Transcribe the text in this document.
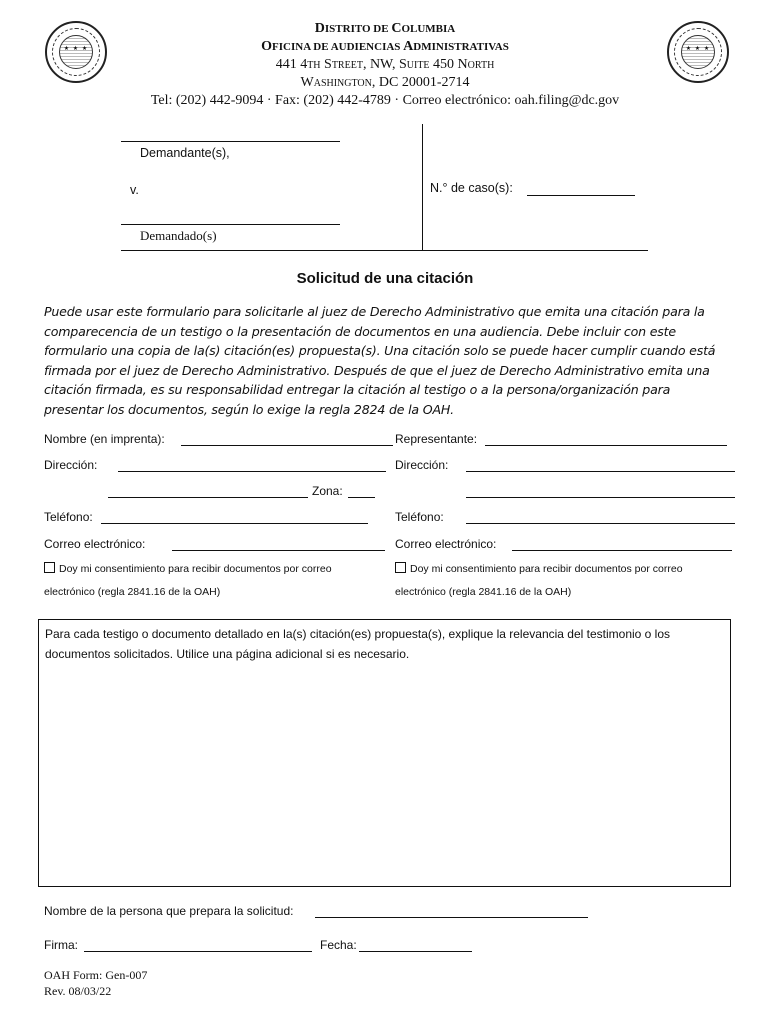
★ ★ ★	★ ★ ★
DISTRITO DE COLUMBIA
OFICINA DE AUDIENCIAS ADMINISTRATIVAS
441 4TH STREET, NW, SUITE 450 NORTH
WASHINGTON, DC 20001-2714
Tel: (202) 442-9094 · Fax: (202) 442-4789 · Correo electrónico: oah.filing@dc.gov
Demandante(s),
v.
Demandado(s)
N.° de caso(s):
Solicitud de una citación
Puede usar este formulario para solicitarle al juez de Derecho Administrativo que emita una citación para la comparecencia de un testigo o la presentación de documentos en una audiencia. Debe incluir con este formulario una copia de la(s) citación(es) propuesta(s). Una citación solo se puede hacer cumplir cuando está firmada por el juez de Derecho Administrativo. Después de que el juez de Derecho Administrativo emita una citación firmada, es su responsabilidad entregar la citación al testigo o a la persona/organización para presentar los documentos, según lo exige la regla 2824 de la OAH.
Nombre (en imprenta):
Dirección:
Zona:
Teléfono:
Correo electrónico:
Doy mi consentimiento para recibir documentos por correo
electrónico (regla 2841.16 de la OAH)
Representante:
Dirección:
Teléfono:
Correo electrónico:
Doy mi consentimiento para recibir documentos por correo
electrónico (regla 2841.16 de la OAH)
Para cada testigo o documento detallado en la(s) citación(es) propuesta(s), explique la relevancia del testimonio o los documentos solicitados. Utilice una página adicional si es necesario.
Nombre de la persona que prepara la solicitud:
Firma:	Fecha:
OAH Form: Gen-007
Rev. 08/03/22
